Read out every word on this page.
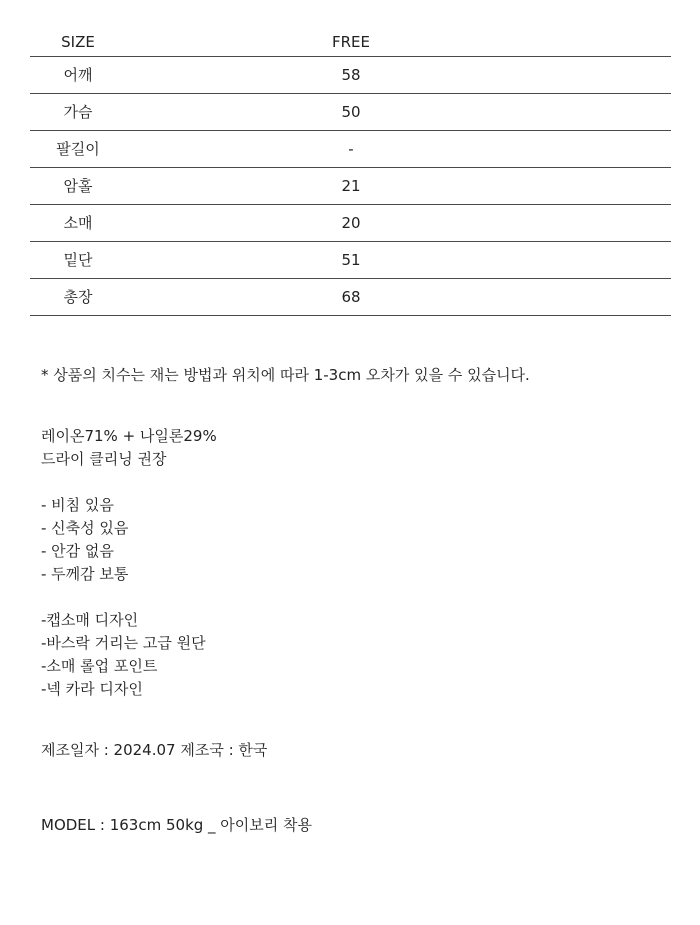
SIZE	FREE	
어깨	58	
가슴	50	
팔길이	-	
암홀	21	
소매	20	
밑단	51	
총장	68	

* 상품의 치수는 재는 방법과 위치에 따라 1-3cm 오차가 있을 수 있습니다.

레이온71% + 나일론29%

드라이 클리닝 권장

- 비침 있음

- 신축성 있음

- 안감 없음

- 두께감 보통

-캡소매 디자인

-바스락 거리는 고급 원단

-소매 롤업 포인트

-넥 카라 디자인

제조일자 : 2024.07 제조국 : 한국

MODEL : 163cm 50kg _ 아이보리 착용
